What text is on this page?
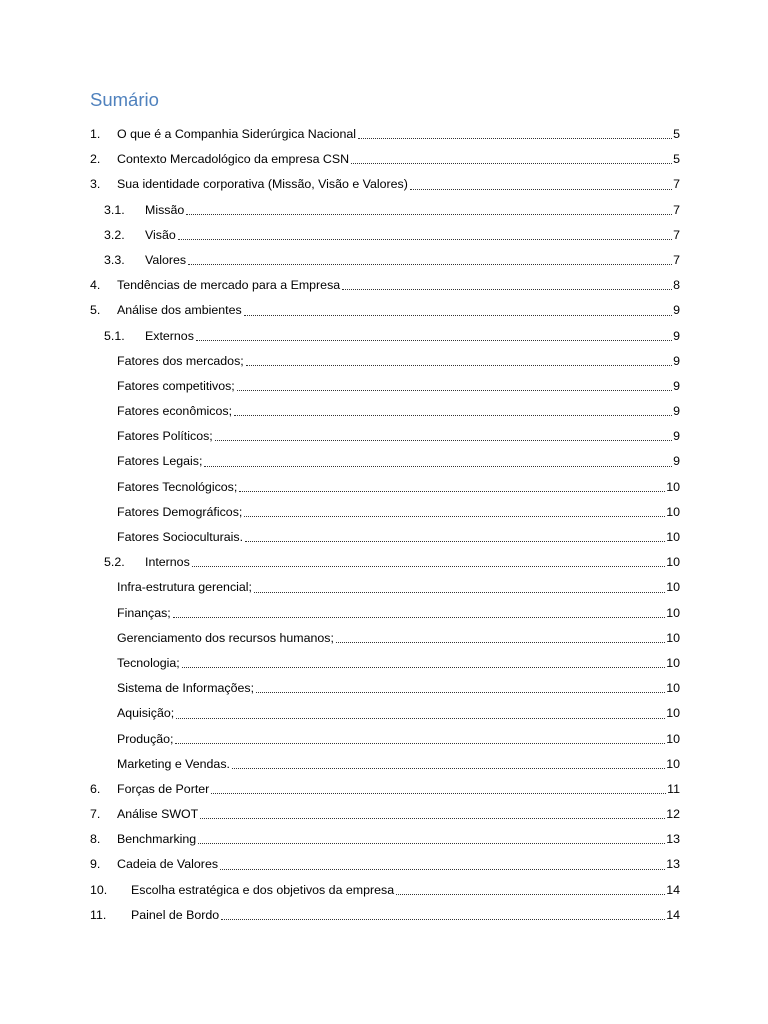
Sumário
1. O que é a Companhia Siderúrgica Nacional	5
2. Contexto Mercadológico da empresa CSN	5
3. Sua identidade corporativa (Missão, Visão e Valores)	7
3.1. Missão	7
3.2. Visão	7
3.3. Valores	7
4. Tendências de mercado para a Empresa	8
5. Análise dos ambientes	9
5.1. Externos	9
Fatores dos mercados;	9
Fatores competitivos;	9
Fatores econômicos;	9
Fatores Políticos;	9
Fatores Legais;	9
Fatores Tecnológicos;	10
Fatores Demográficos;	10
Fatores Socioculturais.	10
5.2. Internos	10
Infra-estrutura gerencial;	10
Finanças;	10
Gerenciamento dos recursos humanos;	10
Tecnologia;	10
Sistema de Informações;	10
Aquisição;	10
Produção;	10
Marketing e Vendas.	10
6. Forças de Porter	11
7. Análise SWOT	12
8. Benchmarking	13
9. Cadeia de Valores	13
10. Escolha estratégica e dos objetivos da empresa	14
11. Painel de Bordo	14
